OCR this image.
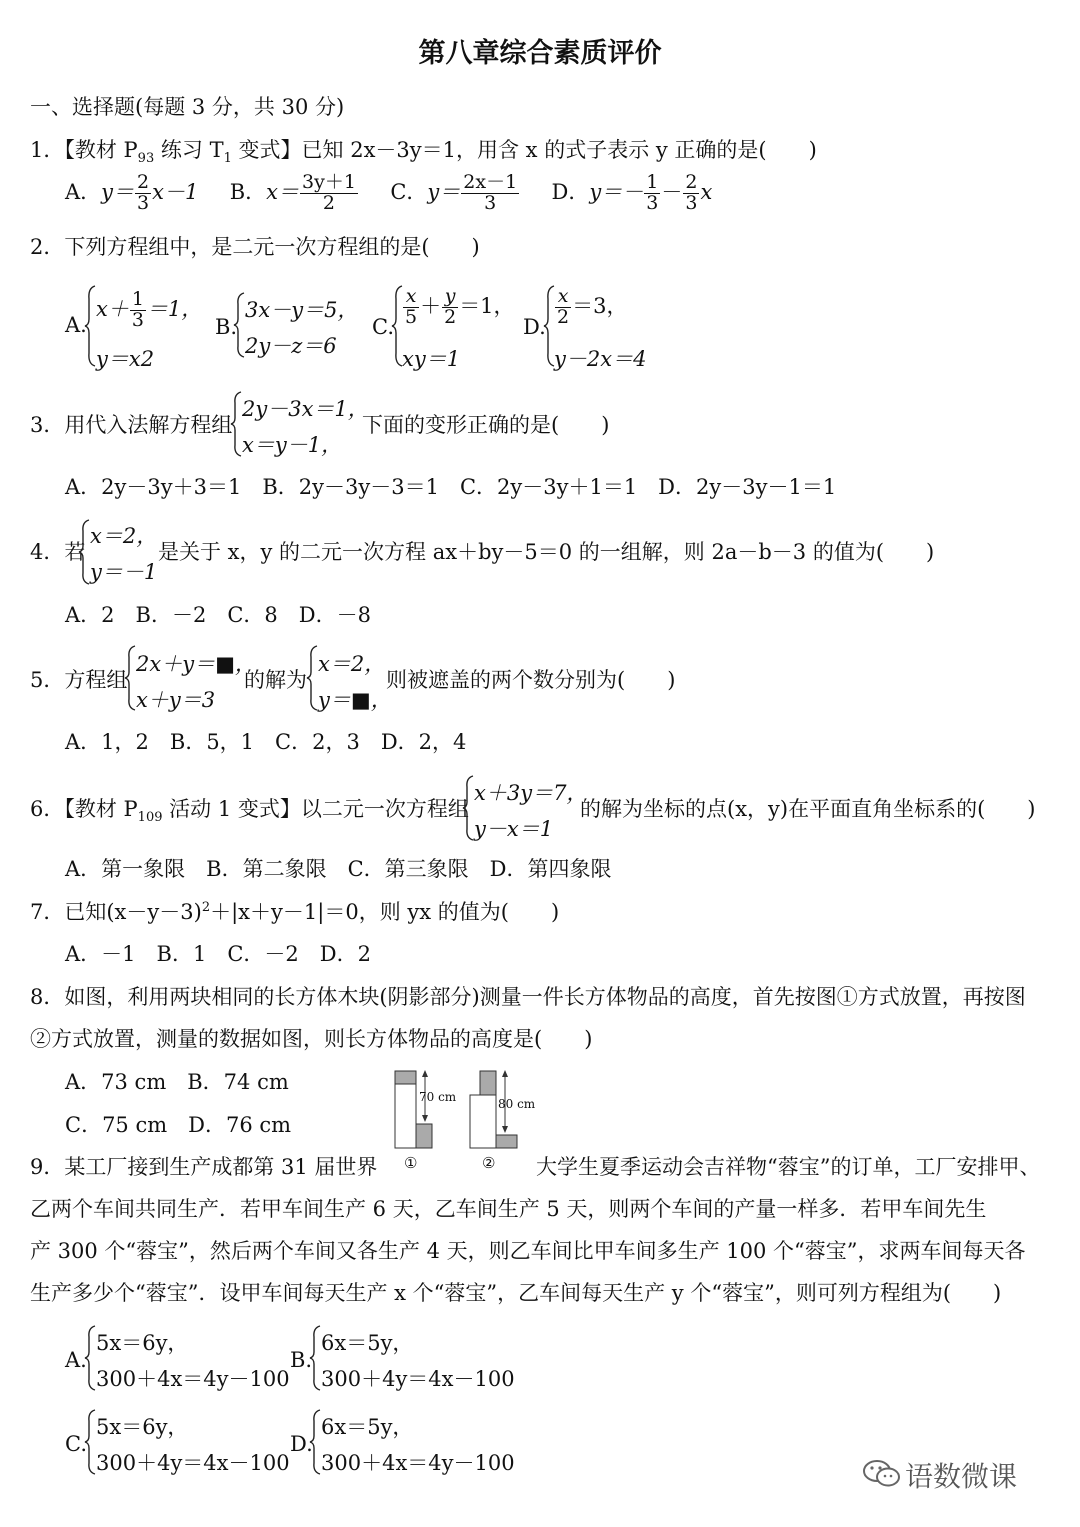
第八章综合素质评价
一、选择题(每题 3 分，共 30 分)
1．【教材 $P_{93}$ 练习 $T_1$ 变式】已知 2x－3y＝1，用含 x 的式子表示 y 正确的是(　　)
A．$y= \frac{2}{3} x-1$ B．$x= \frac{3y+1}{2}$ C．$y= \frac{2x-1}{3}$ D．$y=- \frac{1}{3} - \frac{2}{3}$ x
2．下列方程组中，是二元一次方程组的是(　　)
A.
$x+ \frac{1}{3} =1$，
y＝x2
B.
3x－y＝5，
2y－z＝6
C. $\frac{x}{5} + \frac{y}{2} =1$，
xy＝1
D. $\frac{x}{2} =3$，
y－2x＝4
3．用代入法解方程组
2y－3x＝1，
x＝y－1，
下面的变形正确的是(　　)
A．2y－3y＋3＝1　B．2y－3y－3＝1　C．2y－3y＋1＝1　D．2y－3y－1＝1
4．若
x＝2，
y＝－1
是关于 x，y 的二元一次方程 ax＋by－5＝0 的一组解，则 2a－b－3 的值为(　　)
A．2　B．－2　C．8　D．－8
5．方程组
2x＋y＝■，
x＋y＝3
的解为
x＝2，
y＝■，
则被遮盖的两个数分别为(　　)
A．1，2　B．5，1　C．2，3　D．2，4
6．【教材 $P_{109}$ 活动 1 变式】以二元一次方程组
x＋3y＝7，
y－x＝1
的解为坐标的点(x，y)在平面直角坐标系的(　　)
A．第一象限　B．第二象限　C．第三象限　D．第四象限
7．已知$(x-y-3)^2+|x+y-1|=0$，则 yx 的值为(　　)
A．－1　B．1　C．－2　D．2
8．如图，利用两块相同的长方体木块(阴影部分)测量一件长方体物品的高度，首先按图①方式放置，再按图
②方式放置，测量的数据如图，则长方体物品的高度是(　　)
A．73 cm　B．74 cm
C．75 cm　D．76 cm
70 cm	80 cm
①	②
9．某工厂接到生产成都第 31 届世界	大学生夏季运动会吉祥物“蓉宝”的订单，工厂安排甲、
乙两个车间共同生产．若甲车间生产 6 天，乙车间生产 5 天，则两个车间的产量一样多．若甲车间先生
产 300 个“蓉宝”，然后两个车间又各生产 4 天，则乙车间比甲车间多生产 100 个“蓉宝”，求两车间每天各
生产多少个“蓉宝”．设甲车间每天生产 x 个“蓉宝”，乙车间每天生产 y 个“蓉宝”，则可列方程组为(　　)
A.
5x＝6y，
300＋4x＝4y－100
B.
6x＝5y，
300＋4y＝4x－100
C.
5x＝6y，
300＋4y＝4x－100
D.
6x＝5y，
300＋4x＝4y－100	语数微课
